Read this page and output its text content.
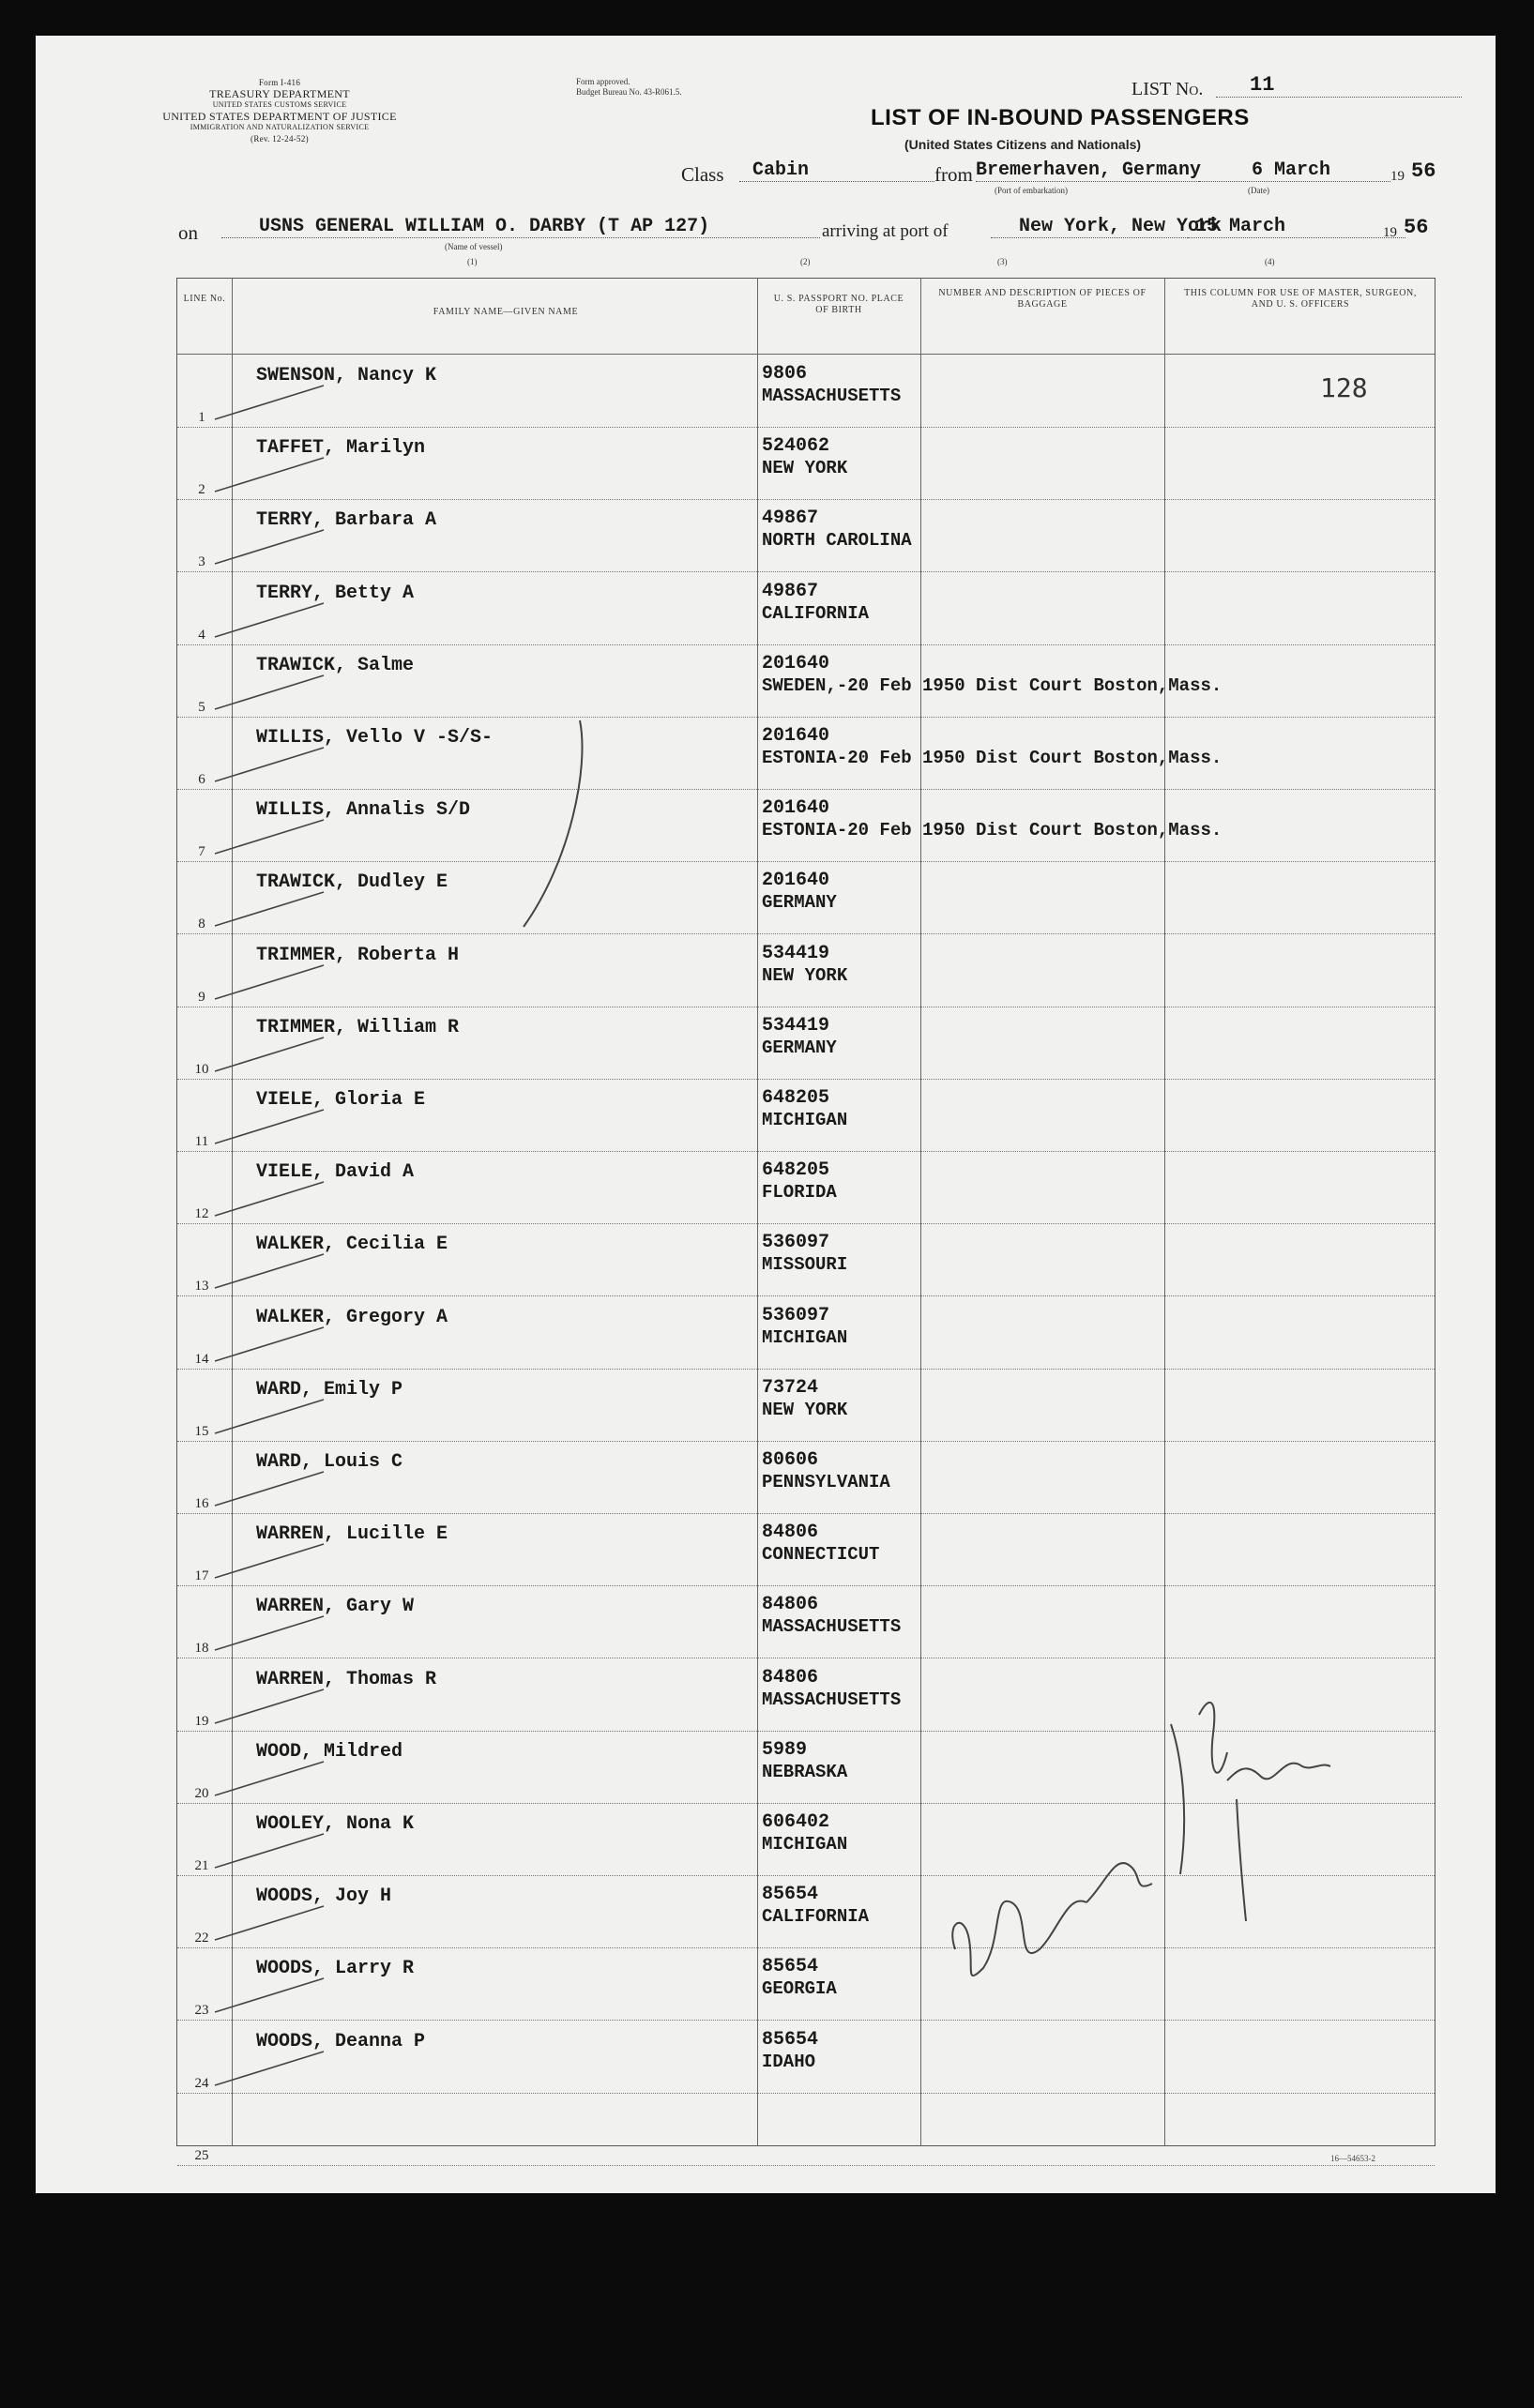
Form I-416
TREASURY DEPARTMENT
UNITED STATES CUSTOMS SERVICE
UNITED STATES DEPARTMENT OF JUSTICE
IMMIGRATION AND NATURALIZATION SERVICE
(Rev. 12-24-52)
Form approved.
Budget Bureau No. 43-R061.5.	LIST No.	11
LIST OF IN-BOUND PASSENGERS
(United States Citizens and Nationals)
Class	Cabin	from Bremerhaven, Germany
(Port of embarkation)
6 March
(Date)
19 56
on	USNS GENERAL WILLIAM O. DARBY (T AP 127)
(Name of vessel)
arriving at port of	New York, New York
15 March	19 56
(1)	(2)	(3)	(4)
LINE No.
FAMILY NAME—GIVEN NAME
U. S. PASSPORT NO. PLACE OF BIRTH
NUMBER AND DESCRIPTION OF PIECES OF BAGGAGE
THIS COLUMN FOR USE OF MASTER, SURGEON, AND U. S. OFFICERS
128
1
SWENSON, Nancy K	9806
MASSACHUSETTS
2
TAFFET, Marilyn	524062
NEW YORK
3
TERRY, Barbara A	49867
NORTH CAROLINA
4
TERRY, Betty A	49867
CALIFORNIA
5
TRAWICK, Salme	201640
SWEDEN,-20 Feb 1950 Dist Court Boston,Mass.
6
WILLIS, Vello V -S/S-	201640
ESTONIA-20 Feb 1950 Dist Court Boston,Mass.
7
WILLIS, Annalis S/D	201640
ESTONIA-20 Feb 1950 Dist Court Boston,Mass.
8
TRAWICK, Dudley E	201640
GERMANY
9
TRIMMER, Roberta H	534419
NEW YORK
10
TRIMMER, William R	534419
GERMANY
11
VIELE, Gloria E	648205
MICHIGAN
12
VIELE, David A	648205
FLORIDA
13
WALKER, Cecilia E	536097
MISSOURI
14
WALKER, Gregory A	536097
MICHIGAN
15
WARD, Emily P	73724
NEW YORK
16
WARD, Louis C	80606
PENNSYLVANIA
17
WARREN, Lucille E	84806
CONNECTICUT
18
WARREN, Gary W	84806
MASSACHUSETTS
19
WARREN, Thomas R	84806
MASSACHUSETTS
20
WOOD, Mildred	5989
NEBRASKA
21
WOOLEY, Nona K	606402
MICHIGAN
22
WOODS, Joy H	85654
CALIFORNIA
23
WOODS, Larry R	85654
GEORGIA
24
WOODS, Deanna P	85654
IDAHO
25	16—54653-2
